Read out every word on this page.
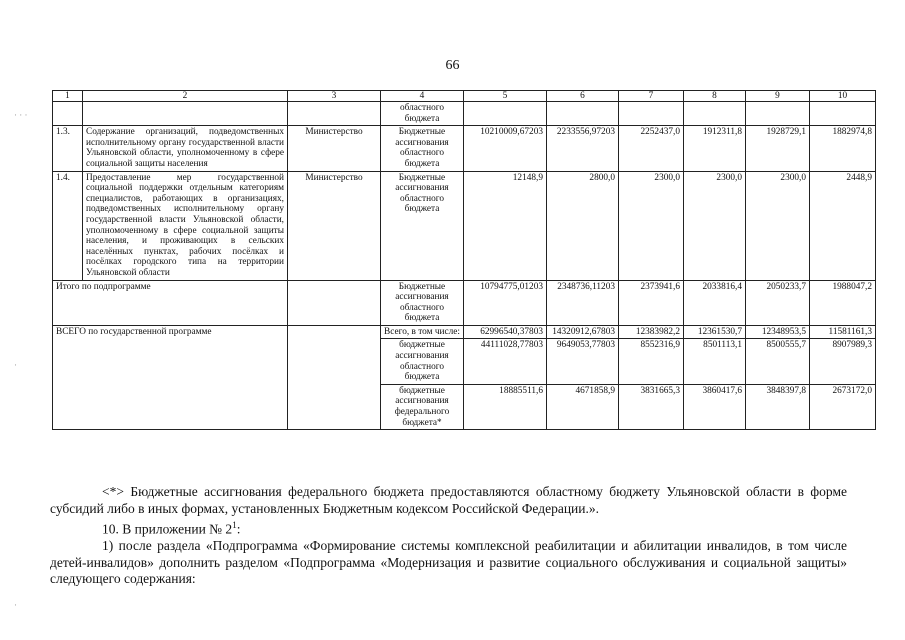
66
1	2	3	4	5	6	7	8	9	10
			областного бюджета						
1.3.	Содержание организаций, подведомственных исполнительному органу государственной власти Ульяновской области, уполномоченному в сфере социальной защиты населения	Министерство	Бюджетные ассигнования областного бюджета	10210009,67203	2233556,97203	2252437,0	1912311,8	1928729,1	1882974,8
1.4.	Предоставление мер государственной социальной поддержки отдельным категориям специалистов, работающих в организациях, подведомственных исполнительному органу государственной власти Ульяновской области, уполномоченному в сфере социальной защиты населения, и проживающих в сельских населённых пунктах, рабочих посёлках и посёлках городского типа на территории Ульяновской области	Министерство	Бюджетные ассигнования областного бюджета	12148,9	2800,0	2300,0	2300,0	2300,0	2448,9
Итого по подпрограмме			Бюджетные ассигнования областного бюджета	10794775,01203	2348736,11203	2373941,6	2033816,4	2050233,7	1988047,2
ВСЕГО по государственной программе			Всего, в том числе:	62996540,37803	14320912,67803	12383982,2	12361530,7	12348953,5	11581161,3
			бюджетные ассигнования областного бюджета	44111028,77803	9649053,77803	8552316,9	8501113,1	8500555,7	8907989,3
			бюджетные ассигнования федерального бюджета*	18885511,6	4671858,9	3831665,3	3860417,6	3848397,8	2673172,0

<*> Бюджетные ассигнования федерального бюджета предоставляются областному бюджету Ульяновской области в форме субсидий либо в иных формах, установленных Бюджетным кодексом Российской Федерации.».

10. В приложении № $2^1$:

1) после раздела «Подпрограмма «Формирование системы комплексной реабилитации и абилитации инвалидов, в том числе детей-инвалидов» дополнить разделом «Подпрограмма «Модернизация и развитие социального обслуживания и социальной защиты» следующего содержания:

· · ·
·
·
